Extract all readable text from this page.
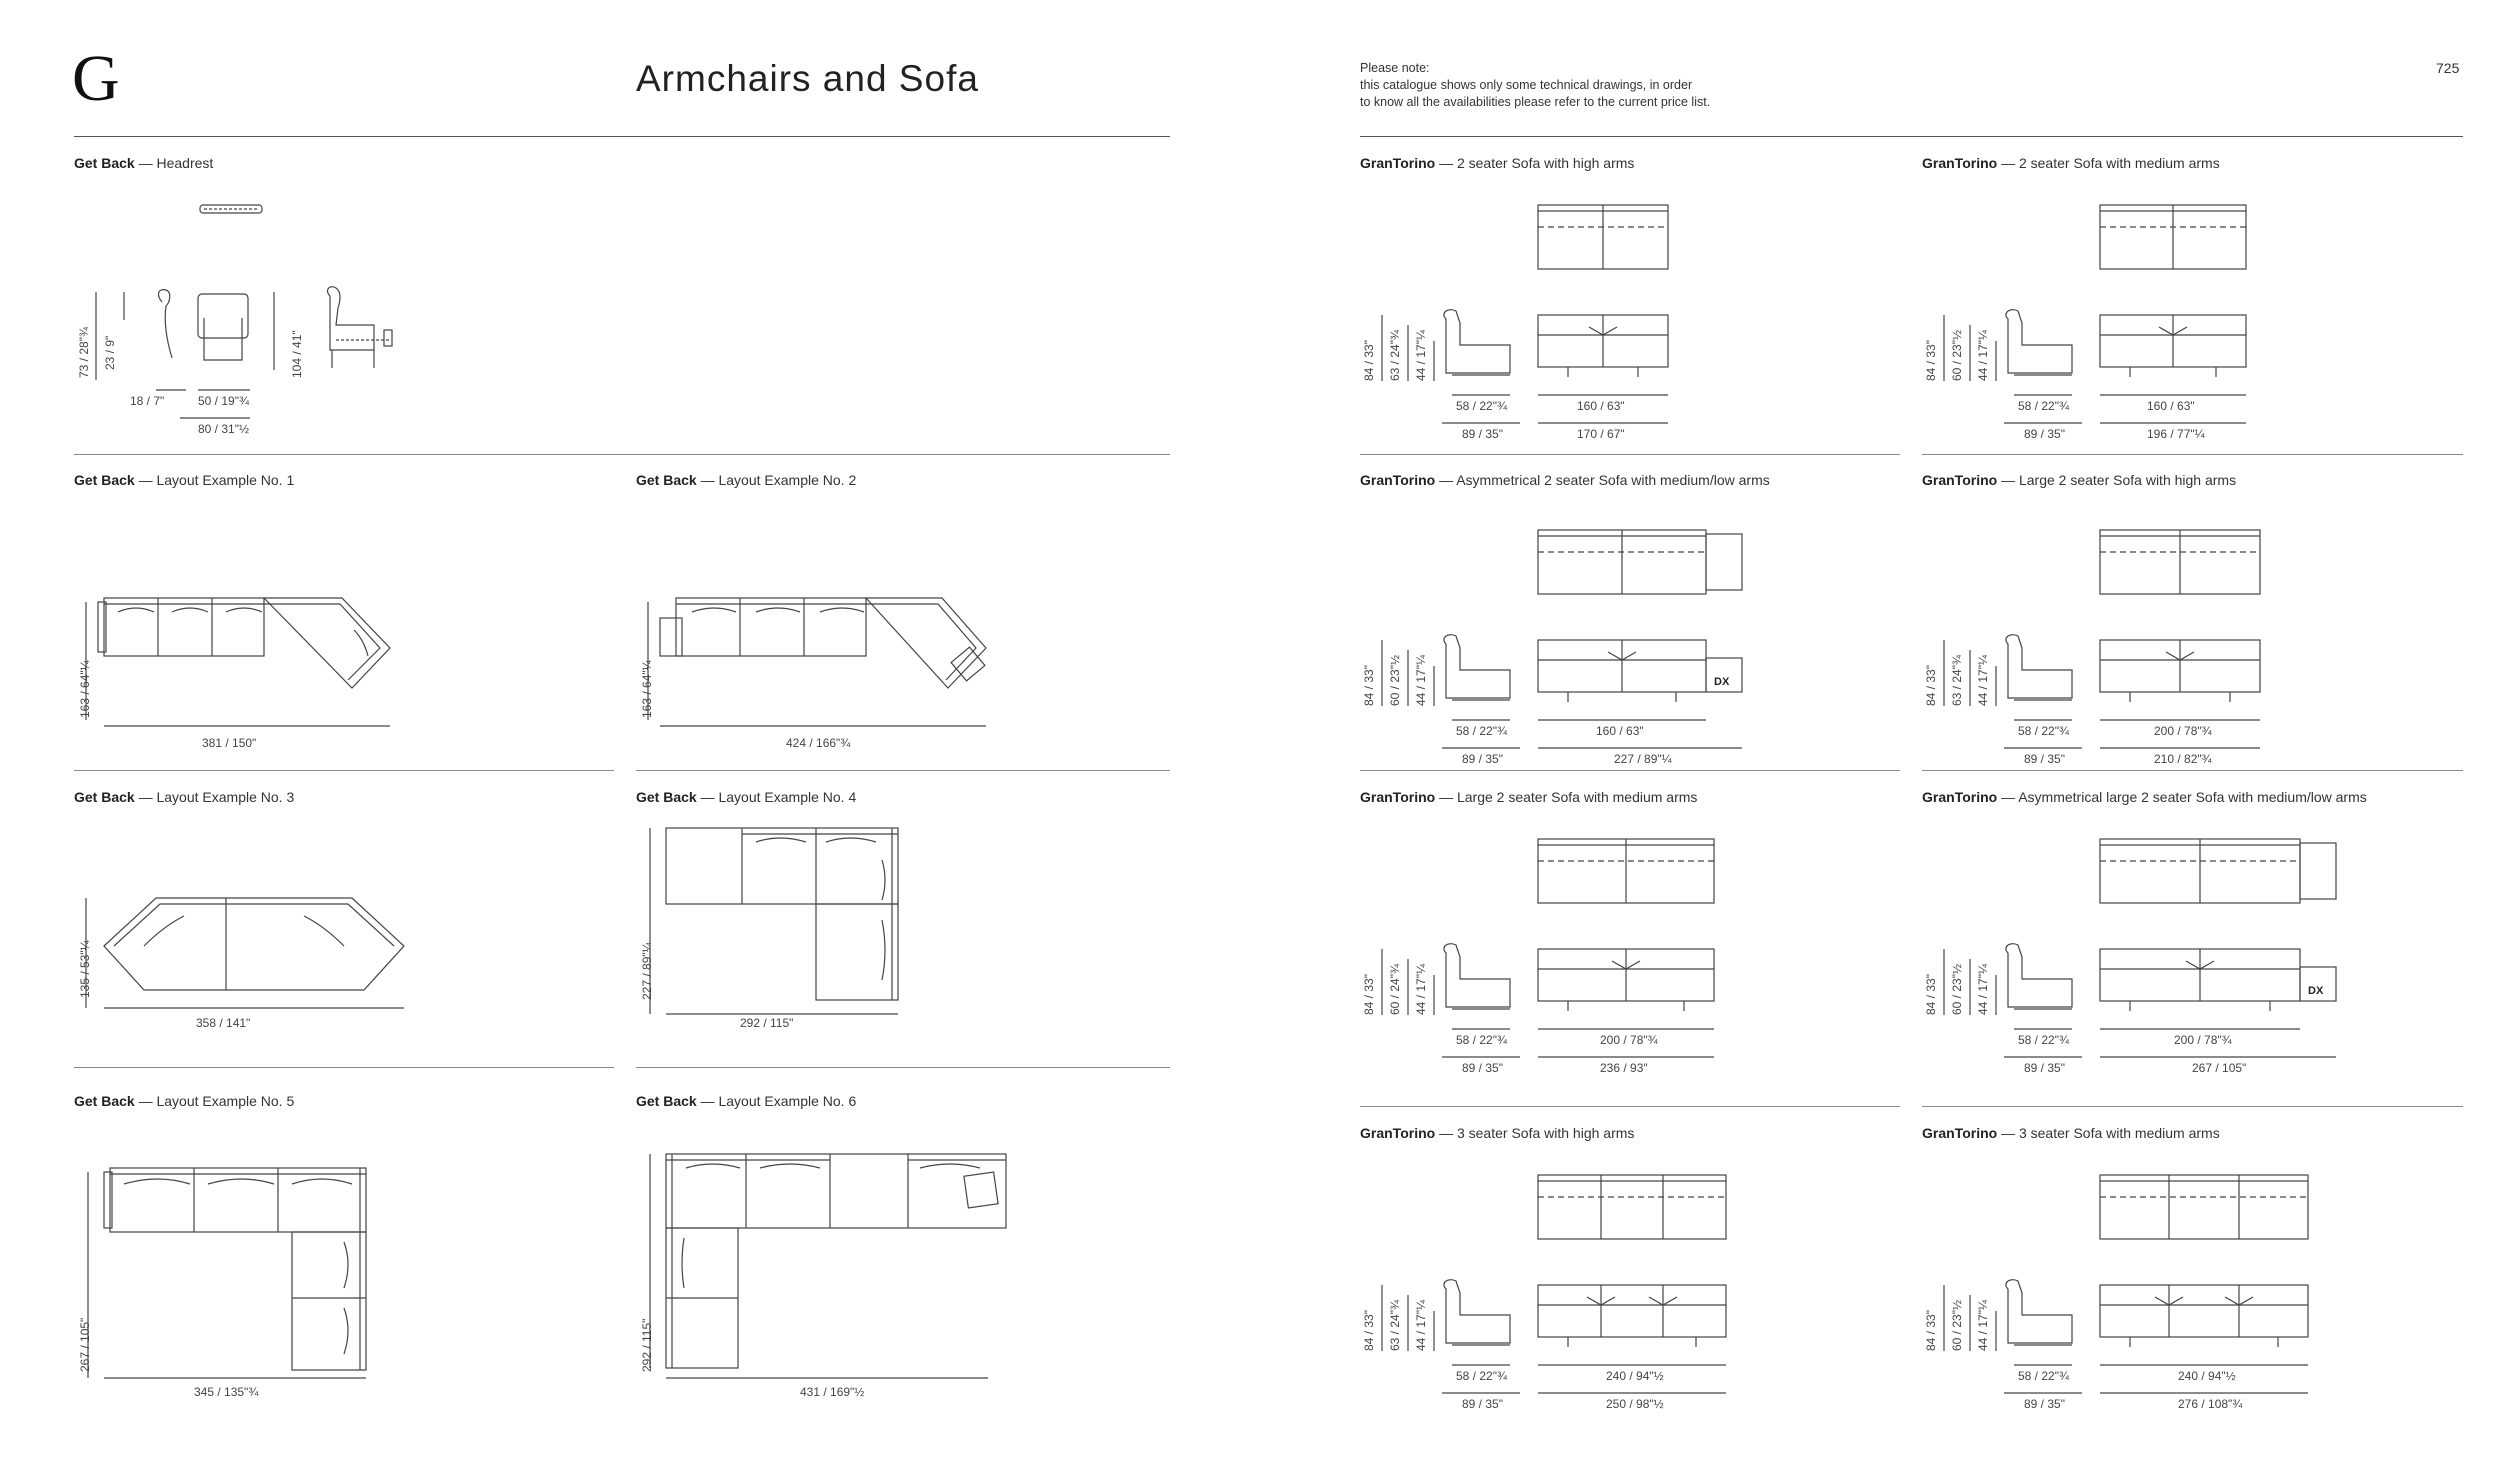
G	Armchairs and Sofa	Please note:
this catalogue shows only some technical drawings, in order
to know all the availabilities please refer to the current price list.
725
Get Back — Headrest
73 / 28"¾ 23 / 9"	104 / 41"
18 / 7"	50 / 19"¾
80 / 31"½
Get Back — Layout Example No. 1
163 / 64"¼
381 / 150"
Get Back — Layout Example No. 2
163 / 64"¼
424 / 166"¾
Get Back — Layout Example No. 3
135 / 53"¼
358 / 141"
Get Back — Layout Example No. 4
227 / 89"¼
292 / 115"
Get Back — Layout Example No. 5
267 / 105"
345 / 135"¾
Get Back — Layout Example No. 6
292 / 115"
431 / 169"½
GranTorino — 2 seater Sofa with high arms
84 / 33" 63 / 24"¾ 44 / 17"¼
58 / 22"¾
89 / 35"
160 / 63"
170 / 67"
GranTorino — 2 seater Sofa with medium arms
84 / 33" 60 / 23"½ 44 / 17"¼
58 / 22"¾
89 / 35"
160 / 63"
196 / 77"¼
GranTorino — Asymmetrical 2 seater Sofa with medium/low arms
84 / 33" 60 / 23"½ 44 / 17"¼
58 / 22"¾
89 / 35"
160 / 63"
227 / 89"¼
DX
GranTorino — Large 2 seater Sofa with high arms
84 / 33" 63 / 24"¾ 44 / 17"¼
58 / 22"¾
89 / 35"
200 / 78"¾
210 / 82"¾
GranTorino — Large 2 seater Sofa with medium arms
84 / 33" 60 / 24"¾ 44 / 17"¼
58 / 22"¾
89 / 35"
200 / 78"¾
236 / 93"
GranTorino — Asymmetrical large 2 seater Sofa with medium/low arms
84 / 33" 60 / 23"½ 44 / 17"¼
58 / 22"¾
89 / 35"
200 / 78"¾
267 / 105"
DX
GranTorino — 3 seater Sofa with high arms
84 / 33" 63 / 24"¾ 44 / 17"¼
58 / 22"¾
89 / 35"
240 / 94"½
250 / 98"½
GranTorino — 3 seater Sofa with medium arms
84 / 33" 60 / 23"½ 44 / 17"¼
58 / 22"¾
89 / 35"
240 / 94"½
276 / 108"¾
